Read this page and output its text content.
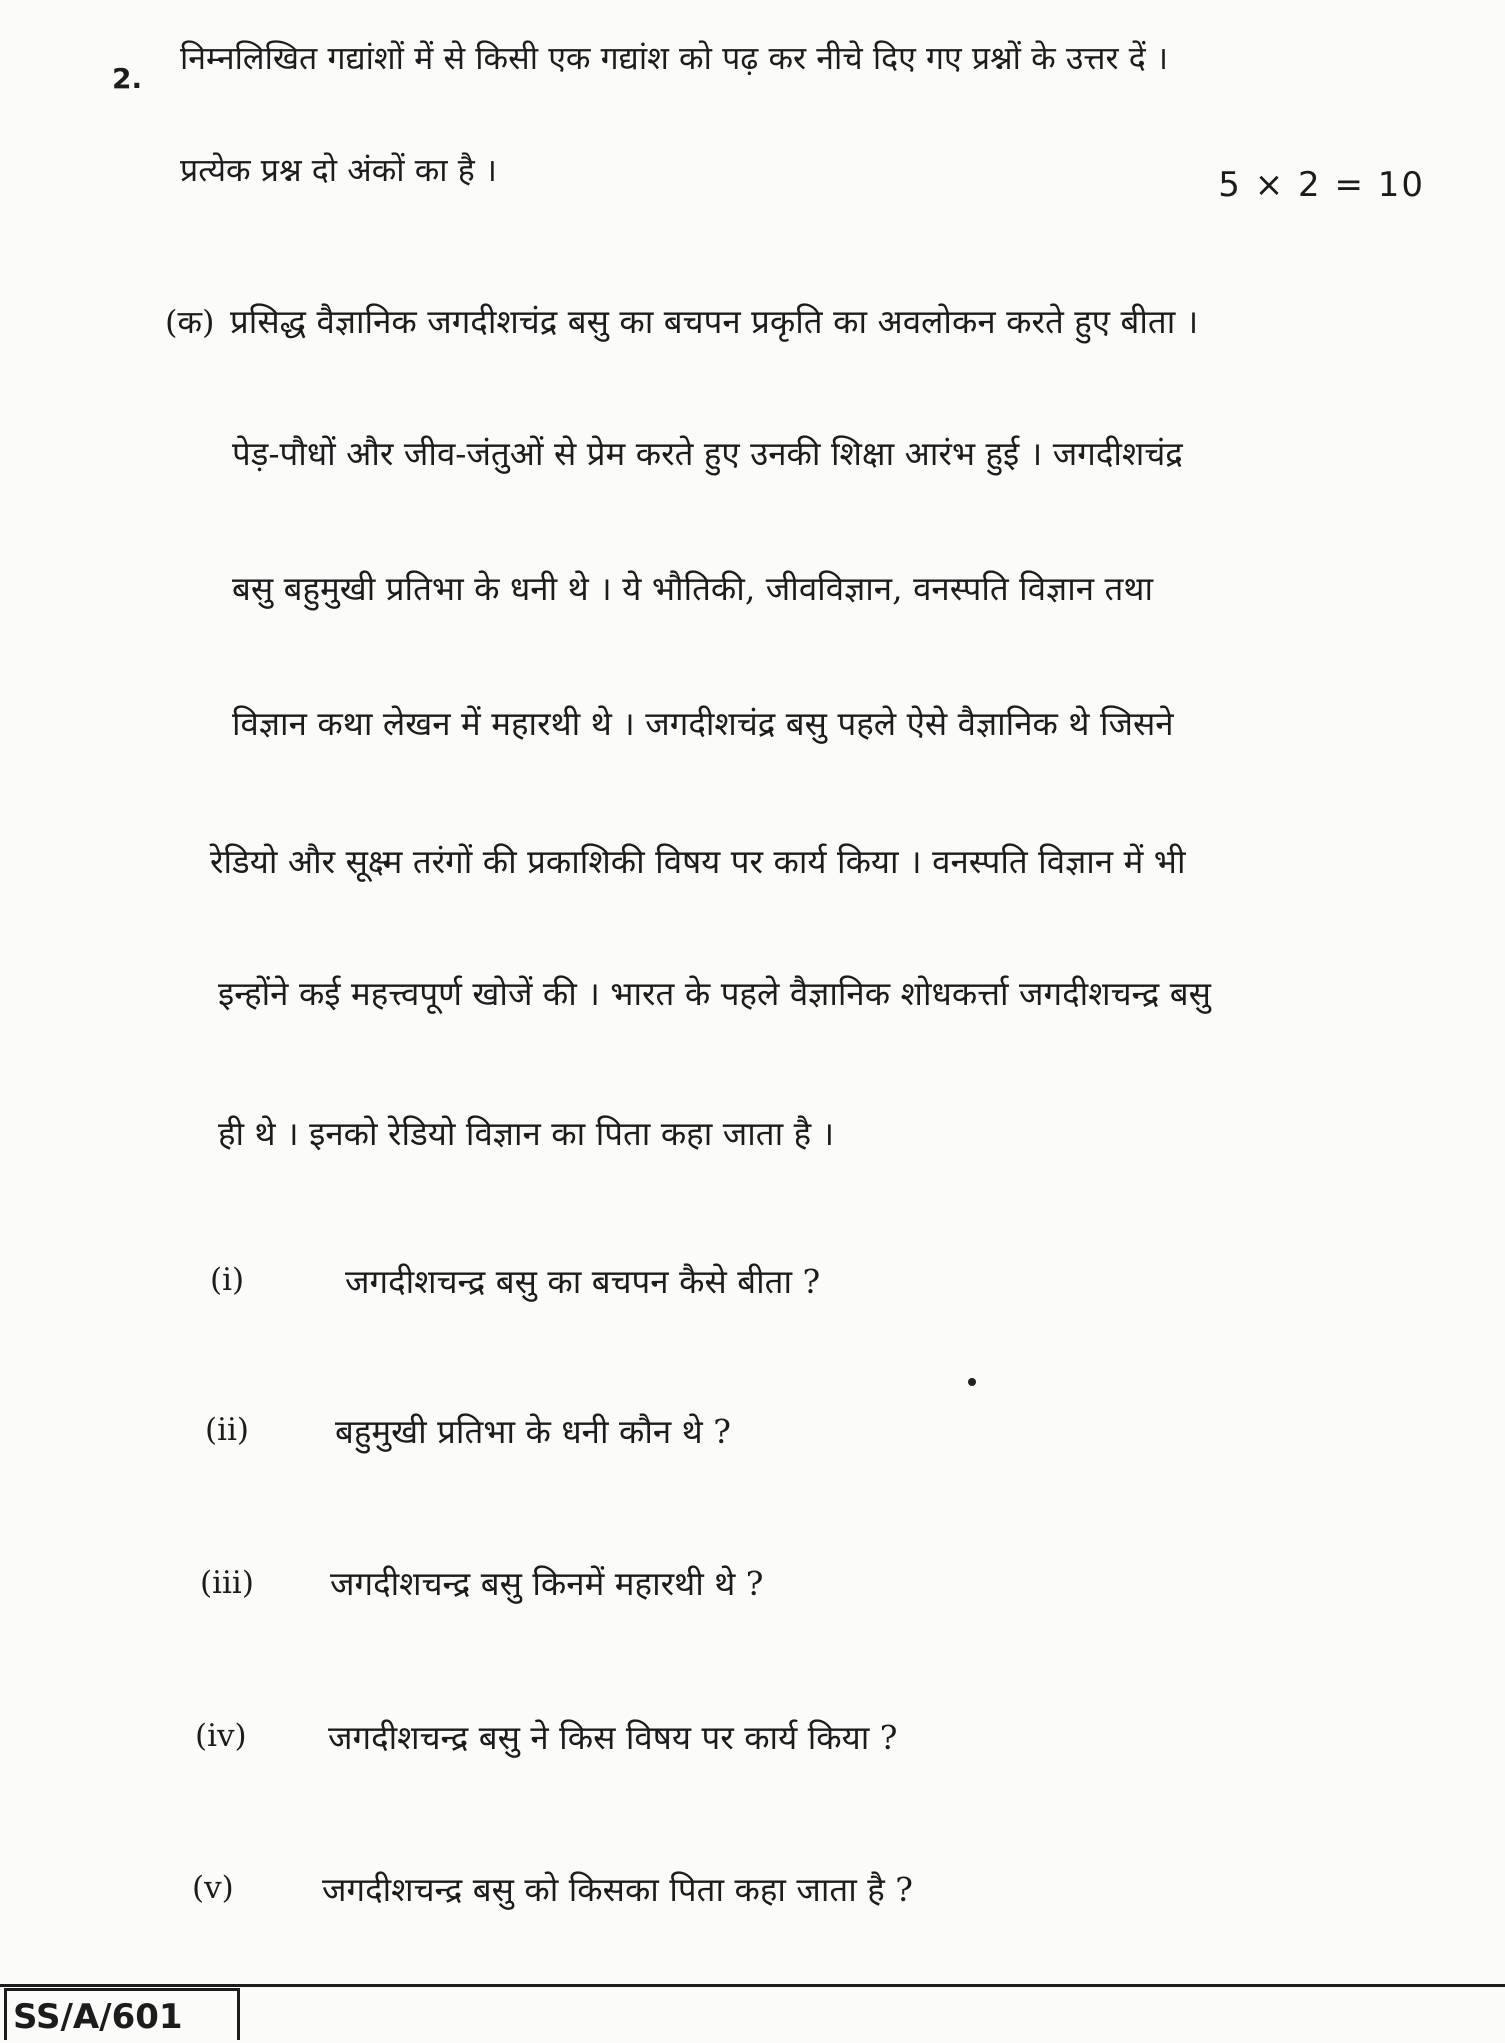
2.
निम्नलिखित गद्यांशों में से किसी एक गद्यांश को पढ़ कर नीचे दिए गए प्रश्नों के उत्तर दें ।
प्रत्येक प्रश्न दो अंकों का है ।	5 × 2 = 10
(क) प्रसिद्ध वैज्ञानिक जगदीशचंद्र बसु का बचपन प्रकृति का अवलोकन करते हुए बीता ।
पेड़-पौधों और जीव-जंतुओं से प्रेम करते हुए उनकी शिक्षा आरंभ हुई । जगदीशचंद्र
बसु बहुमुखी प्रतिभा के धनी थे । ये भौतिकी, जीवविज्ञान, वनस्पति विज्ञान तथा
विज्ञान कथा लेखन में महारथी थे । जगदीशचंद्र बसु पहले ऐसे वैज्ञानिक थे जिसने
रेडियो और सूक्ष्म तरंगों की प्रकाशिकी विषय पर कार्य किया । वनस्पति विज्ञान में भी
इन्होंने कई महत्त्वपूर्ण खोजें की । भारत के पहले वैज्ञानिक शोधकर्त्ता जगदीशचन्द्र बसु
ही थे । इनको रेडियो विज्ञान का पिता कहा जाता है ।
(i)	जगदीशचन्द्र बसु का बचपन कैसे बीता ?
(ii)	बहुमुखी प्रतिभा के धनी कौन थे ?
(iii) जगदीशचन्द्र बसु किनमें महारथी थे ?
(iv) जगदीशचन्द्र बसु ने किस विषय पर कार्य किया ?
(v)	जगदीशचन्द्र बसु को किसका पिता कहा जाता है ?
SS/A/601
